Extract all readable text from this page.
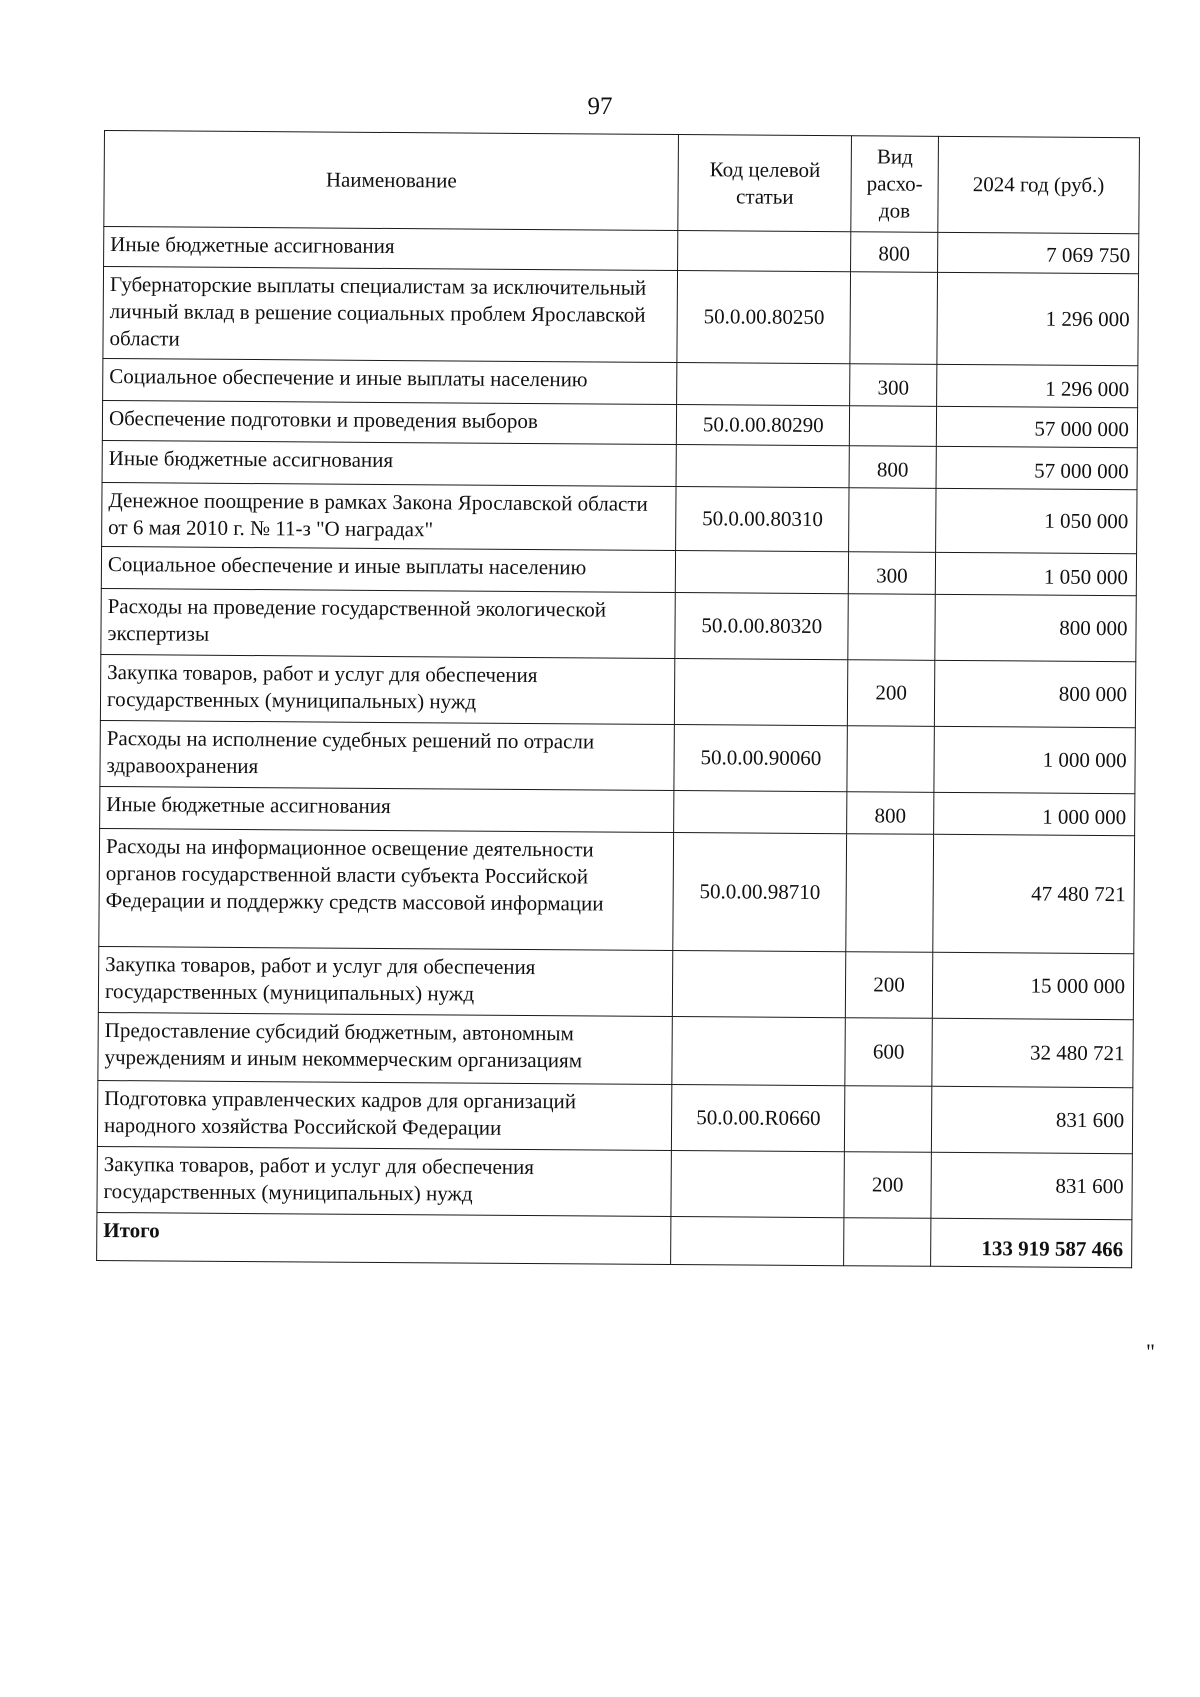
97
Наименование	Код целевой статьи	Вид расхо-дов	2024 год (руб.)
Иные бюджетные ассигнования		800	7 069 750
Губернаторские выплаты специалистам за исключительный личный вклад в решение социальных проблем Ярославской области	50.0.00.80250		1 296 000
Социальное обеспечение и иные выплаты населению		300	1 296 000
Обеспечение подготовки и проведения выборов	50.0.00.80290		57 000 000
Иные бюджетные ассигнования		800	57 000 000
Денежное поощрение в рамках Закона Ярославской области от 6 мая 2010 г. № 11-з "О наградах"	50.0.00.80310		1 050 000
Социальное обеспечение и иные выплаты населению		300	1 050 000
Расходы на проведение государственной экологической экспертизы	50.0.00.80320		800 000
Закупка товаров, работ и услуг для обеспечения государственных (муниципальных) нужд		200	800 000
Расходы на исполнение судебных решений по отрасли здравоохранения	50.0.00.90060		1 000 000
Иные бюджетные ассигнования		800	1 000 000
Расходы на информационное освещение деятельности органов государственной власти субъекта Российской Федерации и поддержку средств массовой информации	50.0.00.98710		47 480 721
Закупка товаров, работ и услуг для обеспечения государственных (муниципальных) нужд		200	15 000 000
Предоставление субсидий бюджетным, автономным учреждениям и иным некоммерческим организациям		600	32 480 721
Подготовка управленческих кадров для организаций народного хозяйства Российской Федерации	50.0.00.R0660		831 600
Закупка товаров, работ и услуг для обеспечения государственных (муниципальных) нужд		200	831 600
Итого			133 919 587 466
"
